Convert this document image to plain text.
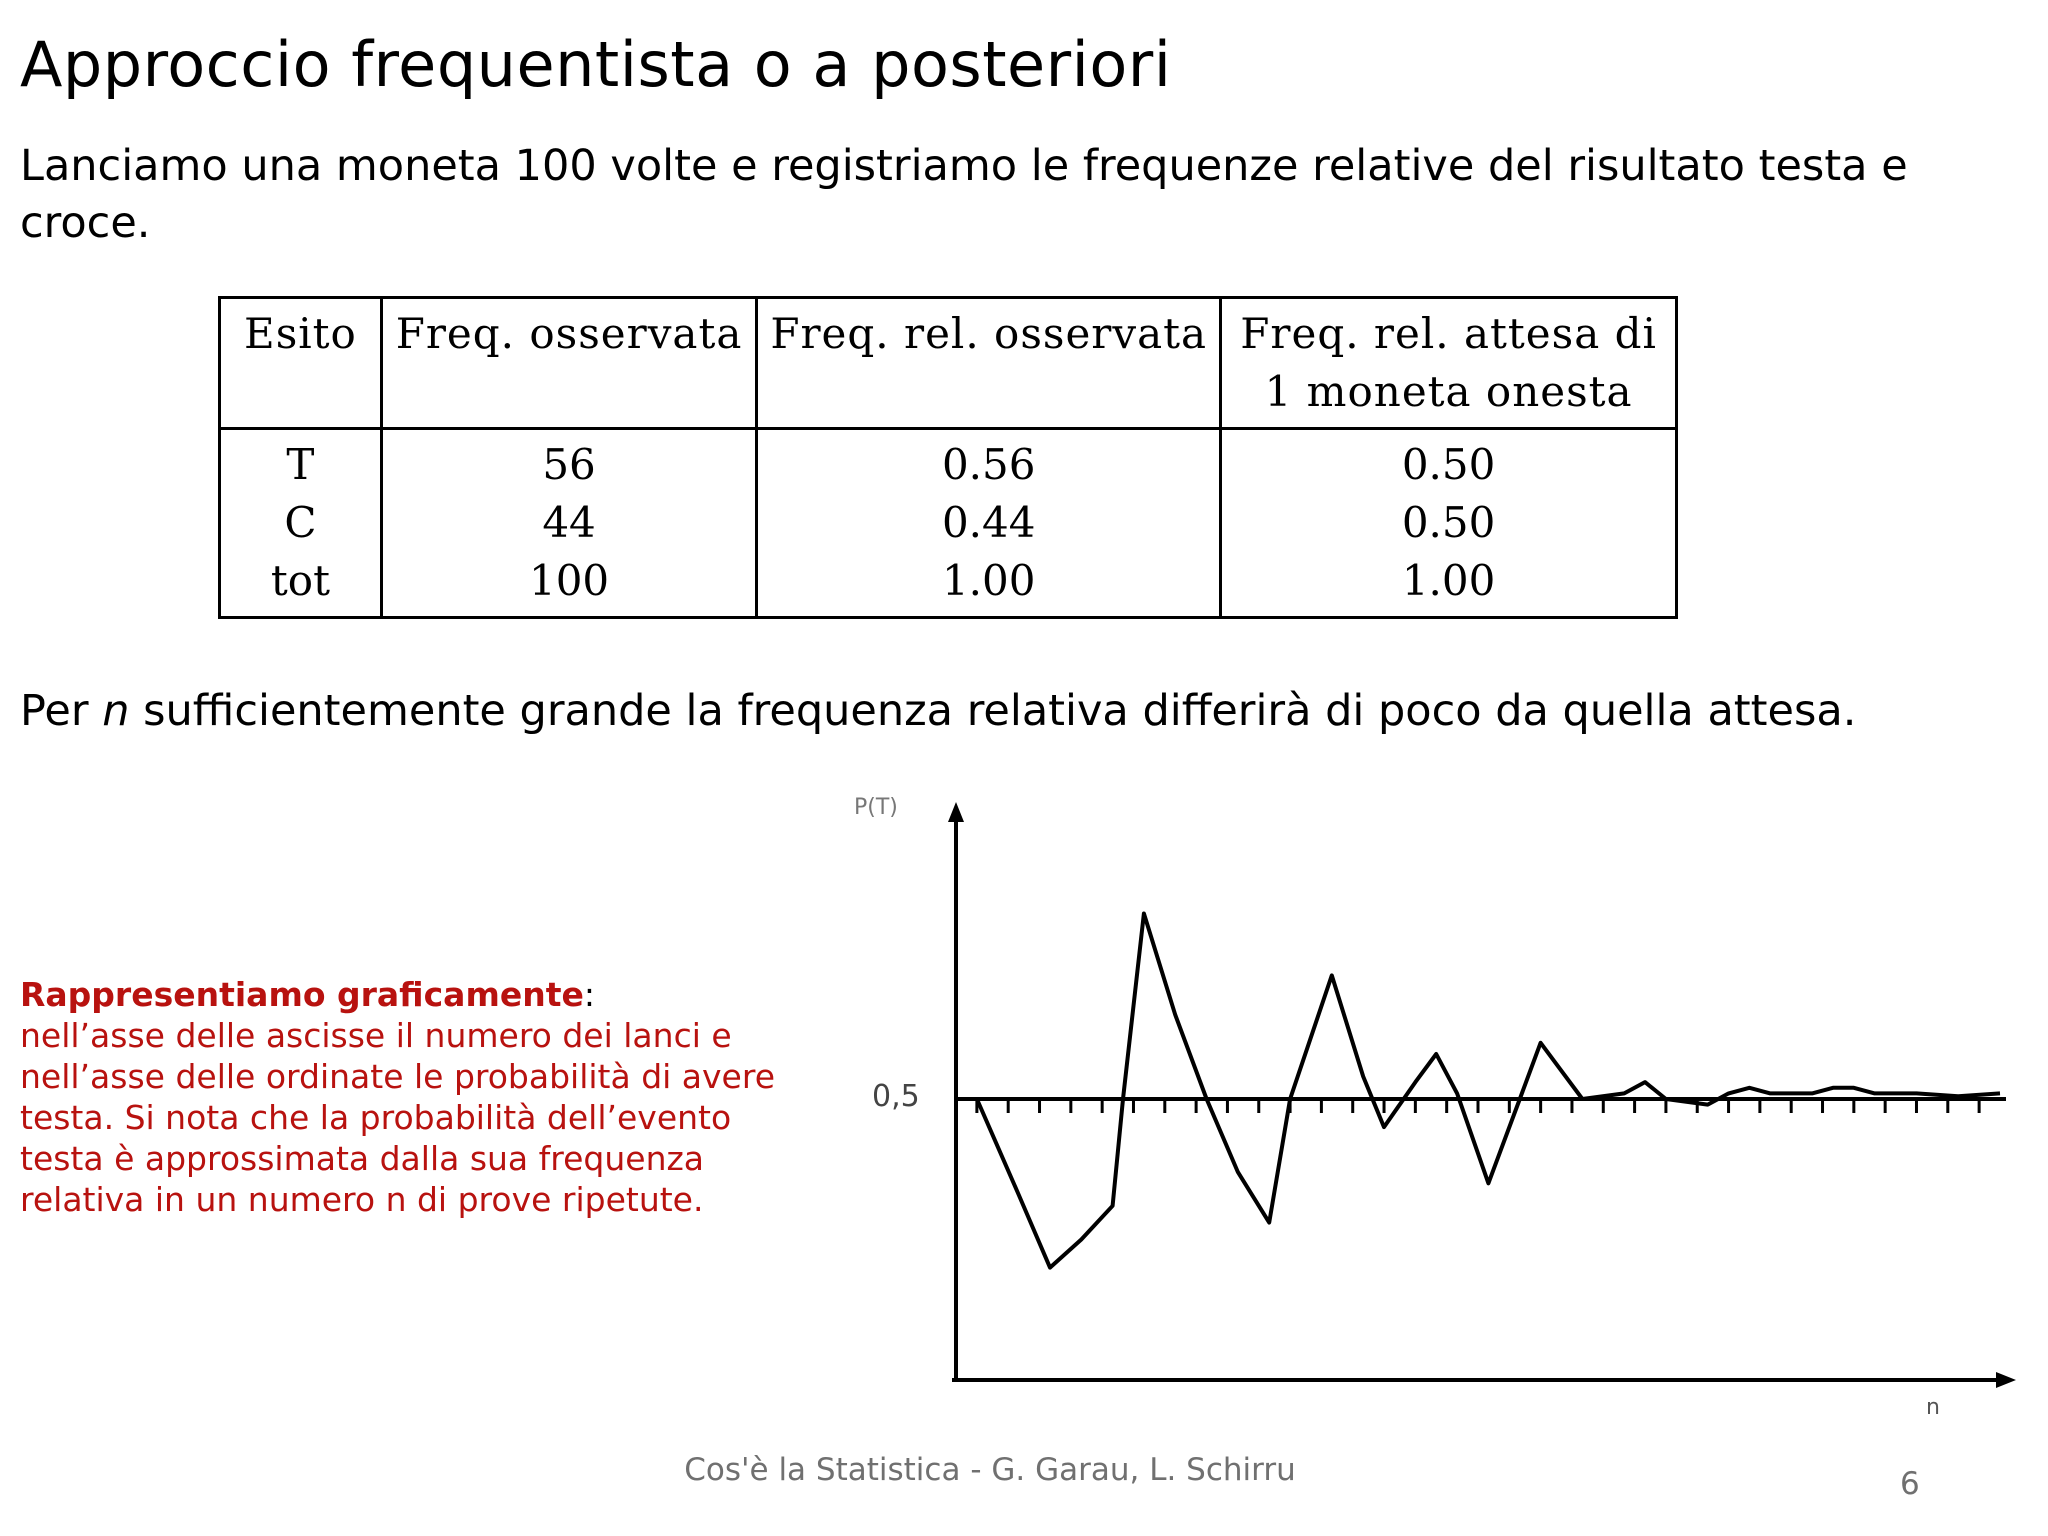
Approccio frequentista o a posteriori

Lanciamo una moneta 100 volte e registriamo le frequenze relative del risultato testa e croce.

Esito	Freq. osservata	Freq. rel. osservata	Freq. rel. attesa di 1 moneta onesta
T	56	0.56	0.50
C	44	0.44	0.50
tot	100	1.00	1.00

Per n sufficientemente grande la frequenza relativa differirà di poco da quella attesa.

Rappresentiamo graficamente:
nell’asse delle ascisse il numero dei lanci e nell’asse delle ordinate le probabilità di avere testa. Si nota che la probabilità dell’evento testa è approssimata dalla sua frequenza relativa in un numero n di prove ripetute.

P(T)
0,5
n

Cos'è la Statistica - G. Garau, L. Schirru	6
